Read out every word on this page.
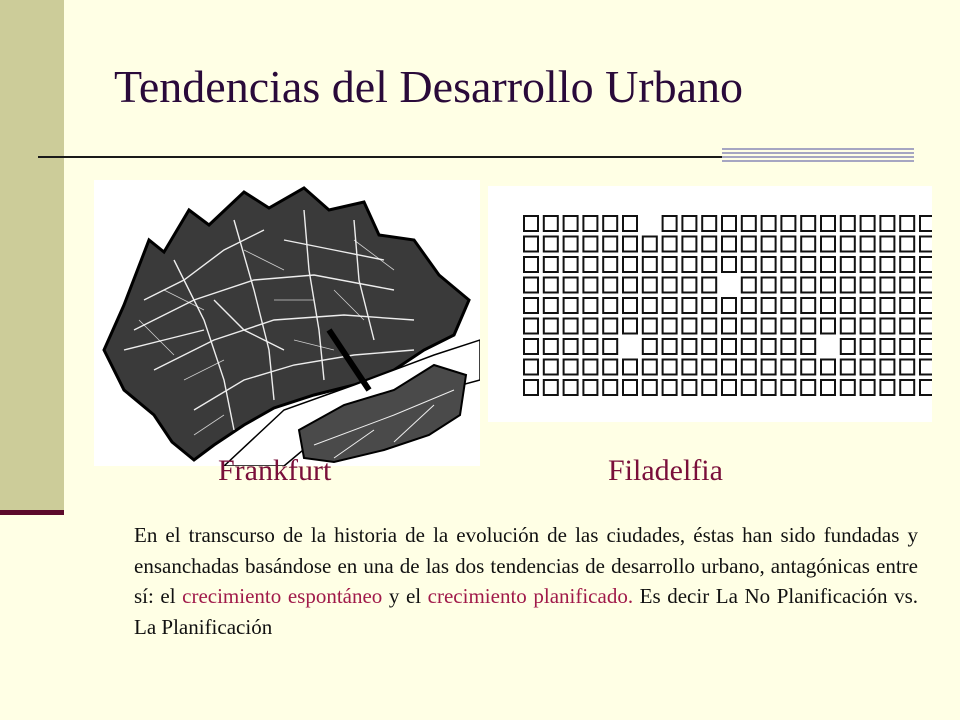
Tendencias del Desarrollo Urbano
Frankfurt	Filadelfia
En el transcurso de la historia de la evolución de las ciudades, éstas han sido fundadas y ensanchadas basándose en una de las dos tendencias de desarrollo urbano, antagónicas entre sí: el crecimiento espontáneo y el crecimiento planificado. Es decir La No Planificación vs. La Planificación
